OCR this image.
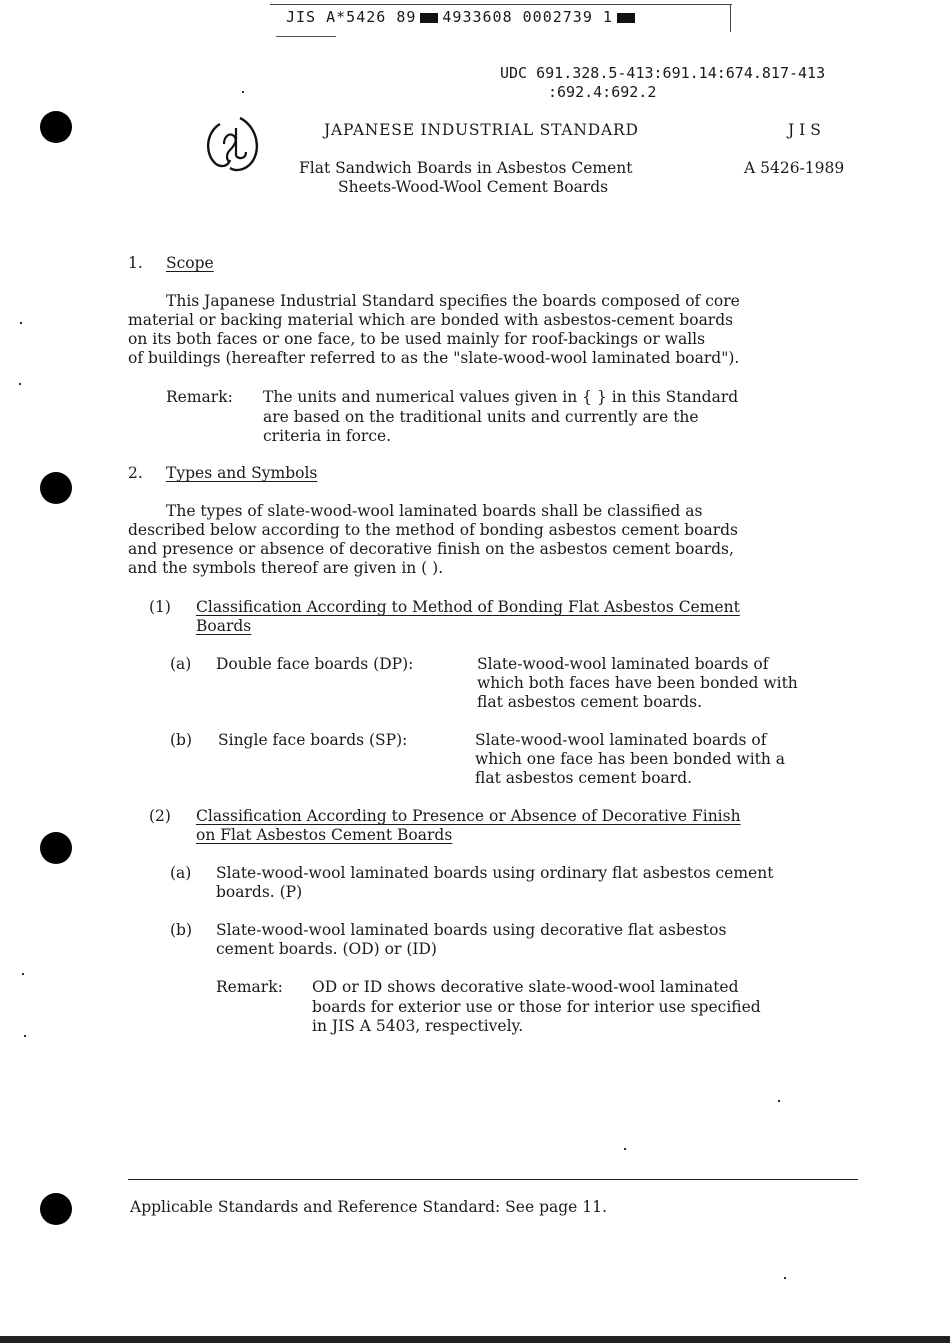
JIS A*5426 89 4933608 0002739 1
UDC 691.328.5-413:691.14:674.817-413
:692.4:692.2
JAPANESE INDUSTRIAL STANDARD	J I S
Flat Sandwich Boards in Asbestos Cement
Sheets-Wood-Wool Cement Boards
A 5426-1989
1. Scope
This Japanese Industrial Standard specifies the boards composed of core
material or backing material which are bonded with asbestos-cement boards
on its both faces or one face, to be used mainly for roof-backings or walls
of buildings (hereafter referred to as the "slate-wood-wool laminated board").
Remark: The units and numerical values given in { } in this Standard
are based on the traditional units and currently are the
criteria in force.
2. Types and Symbols
The types of slate-wood-wool laminated boards shall be classified as
described below according to the method of bonding asbestos cement boards
and presence or absence of decorative finish on the asbestos cement boards,
and the symbols thereof are given in ( ).
(1) Classification According to Method of Bonding Flat Asbestos Cement
Boards
(a) Double face boards (DP):	Slate-wood-wool laminated boards of
which both faces have been bonded with
flat asbestos cement boards.
(b) Single face boards (SP):	Slate-wood-wool laminated boards of
which one face has been bonded with a
flat asbestos cement board.
(2) Classification According to Presence or Absence of Decorative Finish
on Flat Asbestos Cement Boards
(a) Slate-wood-wool laminated boards using ordinary flat asbestos cement
boards. (P)
(b) Slate-wood-wool laminated boards using decorative flat asbestos
cement boards. (OD) or (ID)
Remark: OD or ID shows decorative slate-wood-wool laminated
boards for exterior use or those for interior use specified
in JIS A 5403, respectively.
Applicable Standards and Reference Standard: See page 11.
